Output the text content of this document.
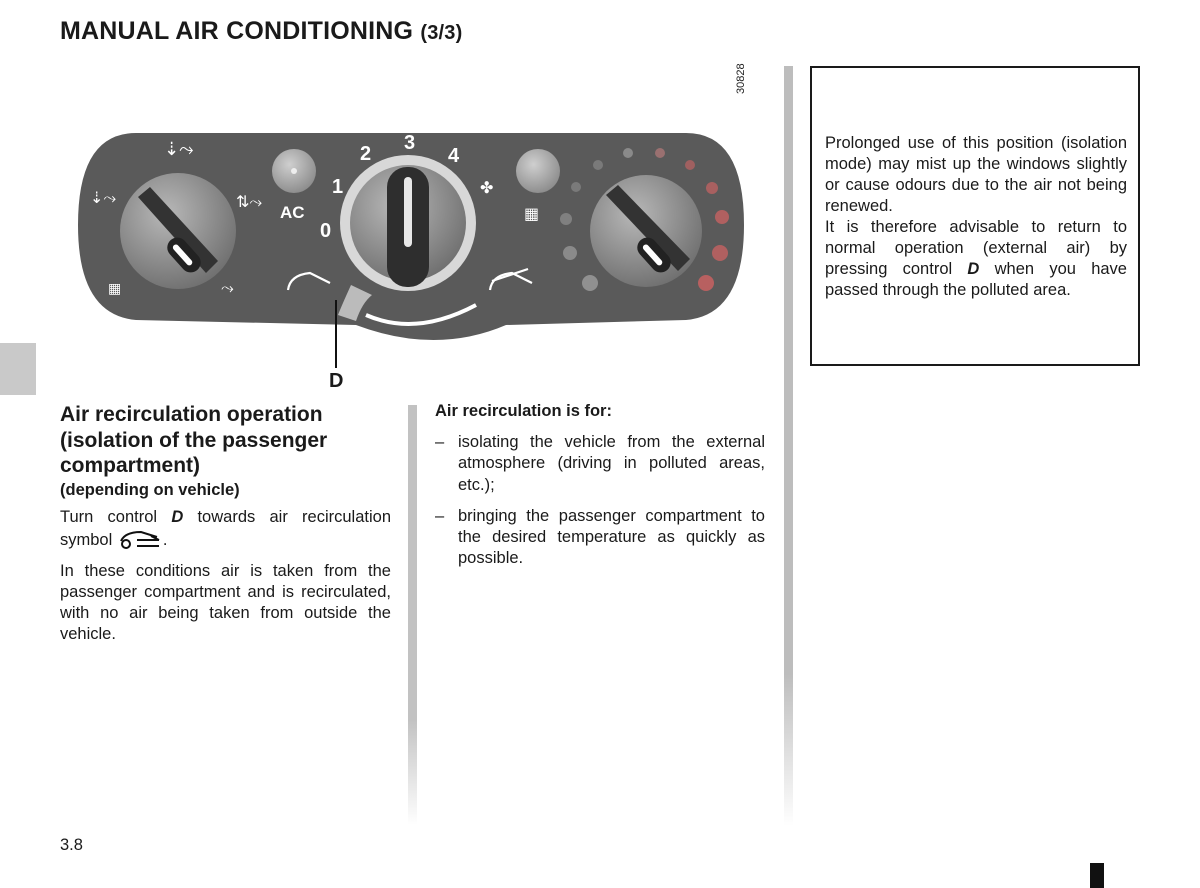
MANUAL AIR CONDITIONING (3/3)
⇣⤳
⇣⤳	⇅⤳
⤳
▦
AC
0
1
2 3
4
▦
✤
30828
D
Air recirculation operation (isolation of the passenger compartment)
(depending on vehicle)

Turn control D towards air recirculation symbol	.

In these conditions air is taken from the passenger compartment and is recirculated, with no air being taken from outside the vehicle.

Air recirculation is for:
– isolating the vehicle from the external atmosphere (driving in polluted areas, etc.);
– bringing the passenger compartment to the desired temperature as quickly as possible.
Prolonged use of this position (isolation mode) may mist up the windows slightly or cause odours due to the air not being renewed.
It is therefore advisable to return to normal operation (external air) by pressing control D when you have passed through the polluted area.
3.8
